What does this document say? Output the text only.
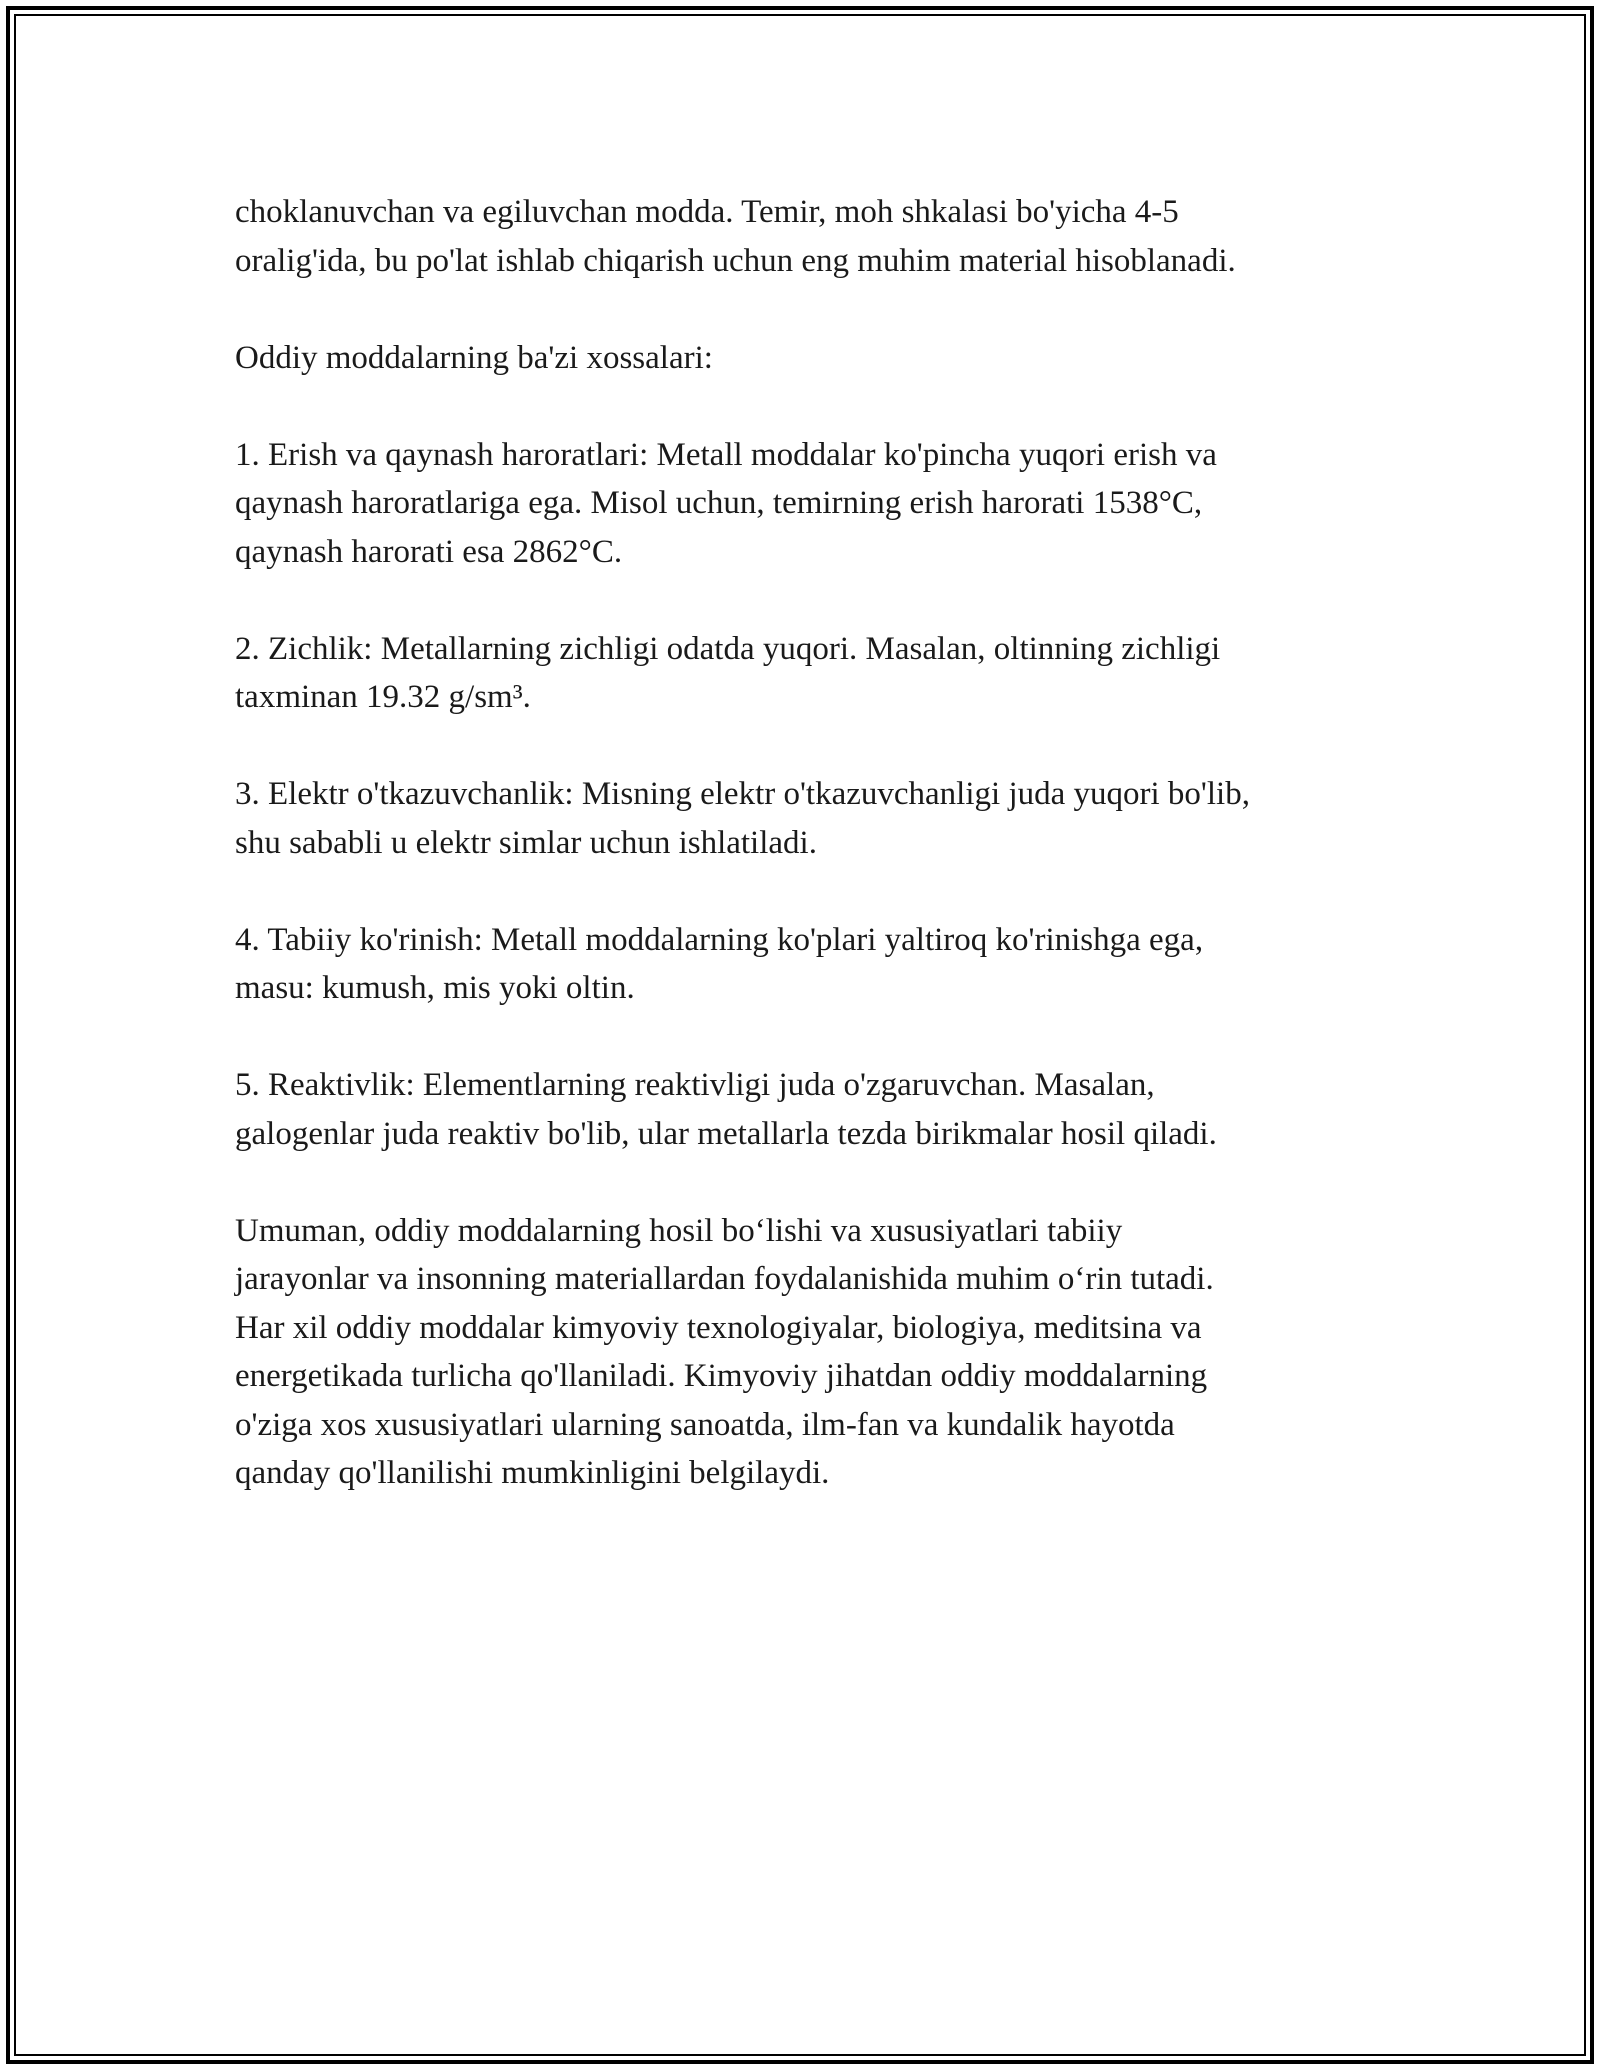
choklanuvchan va egiluvchan modda. Temir, moh shkalasi bo'yicha 4-5
oralig'ida, bu po'lat ishlab chiqarish uchun eng muhim material hisoblanadi.

Oddiy moddalarning ba'zi xossalari:

1. Erish va qaynash haroratlari: Metall moddalar ko'pincha yuqori erish va
qaynash haroratlariga ega. Misol uchun, temirning erish harorati 1538°C,
qaynash harorati esa 2862°C.

2. Zichlik: Metallarning zichligi odatda yuqori. Masalan, oltinning zichligi
taxminan 19.32 g/sm³.

3. Elektr o'tkazuvchanlik: Misning elektr o'tkazuvchanligi juda yuqori bo'lib,
shu sababli u elektr simlar uchun ishlatiladi.

4. Tabiiy ko'rinish: Metall moddalarning ko'plari yaltiroq ko'rinishga ega,
masu: kumush, mis yoki oltin.

5. Reaktivlik: Elementlarning reaktivligi juda o'zgaruvchan. Masalan,
galogenlar juda reaktiv bo'lib, ular metallarla tezda birikmalar hosil qiladi.

Umuman, oddiy moddalarning hosil bo‘lishi va xususiyatlari tabiiy
jarayonlar va insonning materiallardan foydalanishida muhim o‘rin tutadi.
Har xil oddiy moddalar kimyoviy texnologiyalar, biologiya, meditsina va
energetikada turlicha qo'llaniladi. Kimyoviy jihatdan oddiy moddalarning
o'ziga xos xususiyatlari ularning sanoatda, ilm-fan va kundalik hayotda
qanday qo'llanilishi mumkinligini belgilaydi.
